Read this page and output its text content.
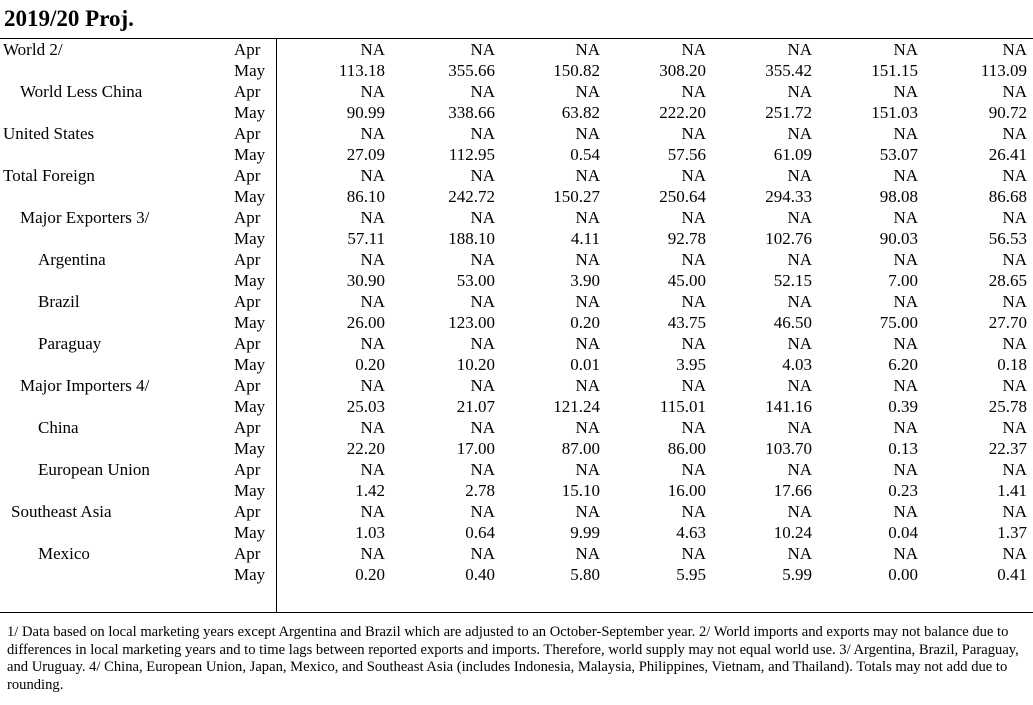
2019/20 Proj.
World 2/	Apr	NA	NA	NA	NA	NA	NA	NA
May	113.18	355.66	150.82	308.20	355.42	151.15	113.09
World Less China	Apr	NA	NA	NA	NA	NA	NA	NA
May	90.99	338.66	63.82	222.20	251.72	151.03	90.72
United States	Apr	NA	NA	NA	NA	NA	NA	NA
May	27.09	112.95	0.54	57.56	61.09	53.07	26.41
Total Foreign	Apr	NA	NA	NA	NA	NA	NA	NA
May	86.10	242.72	150.27	250.64	294.33	98.08	86.68
Major Exporters 3/	Apr	NA	NA	NA	NA	NA	NA	NA
May	57.11	188.10	4.11	92.78	102.76	90.03	56.53
Argentina	Apr	NA	NA	NA	NA	NA	NA	NA
May	30.90	53.00	3.90	45.00	52.15	7.00	28.65
Brazil	Apr	NA	NA	NA	NA	NA	NA	NA
May	26.00	123.00	0.20	43.75	46.50	75.00	27.70
Paraguay	Apr	NA	NA	NA	NA	NA	NA	NA
May	0.20	10.20	0.01	3.95	4.03	6.20	0.18
Major Importers 4/	Apr	NA	NA	NA	NA	NA	NA	NA
May	25.03	21.07	121.24	115.01	141.16	0.39	25.78
China	Apr	NA	NA	NA	NA	NA	NA	NA
May	22.20	17.00	87.00	86.00	103.70	0.13	22.37
European Union	Apr	NA	NA	NA	NA	NA	NA	NA
May	1.42	2.78	15.10	16.00	17.66	0.23	1.41
Southeast Asia	Apr	NA	NA	NA	NA	NA	NA	NA
May	1.03	0.64	9.99	4.63	10.24	0.04	1.37
Mexico	Apr	NA	NA	NA	NA	NA	NA	NA
May	0.20	0.40	5.80	5.95	5.99	0.00	0.41
1/ Data based on local marketing years except Argentina and Brazil which are adjusted to an October-September year. 2/ World imports and exports may not balance due to differences in local marketing years and to time lags between reported exports and imports. Therefore, world supply may not equal world use. 3/ Argentina, Brazil, Paraguay, and Uruguay. 4/ China, European Union, Japan, Mexico, and Southeast Asia (includes Indonesia, Malaysia, Philippines, Vietnam, and Thailand). Totals may not add due to rounding.
